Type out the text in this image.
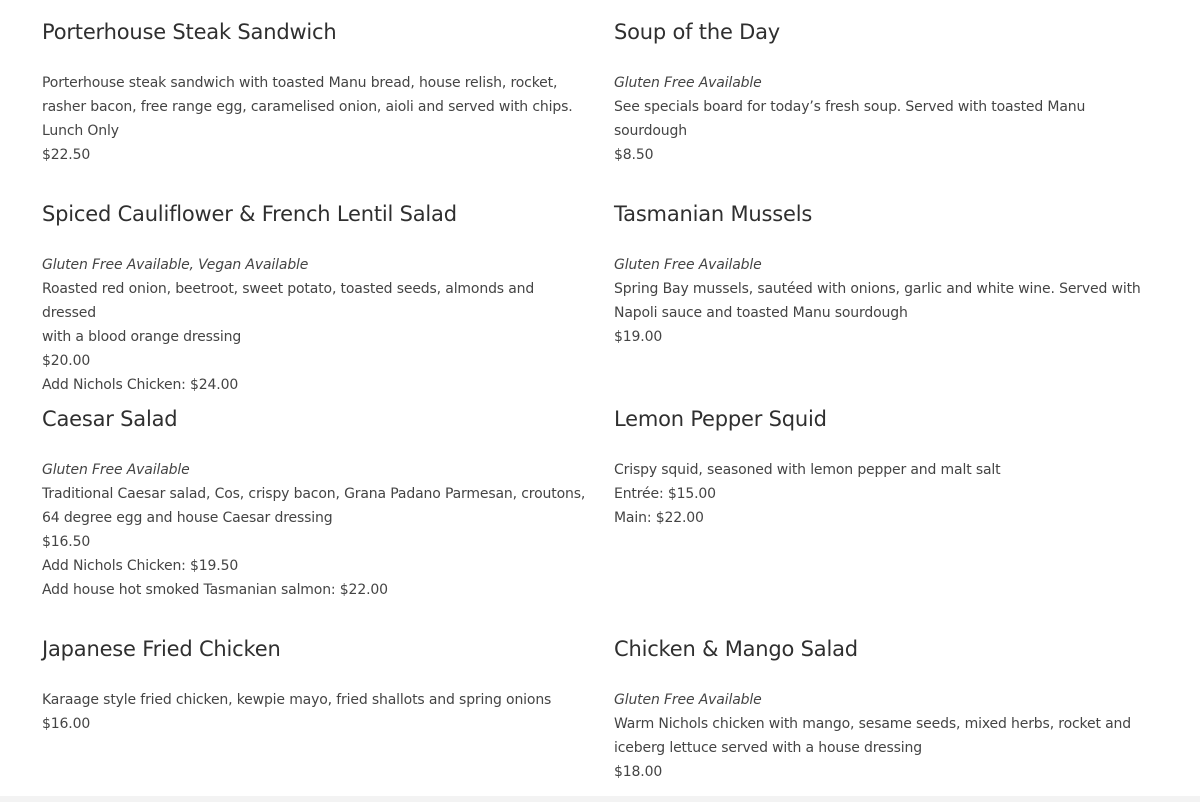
Porterhouse Steak Sandwich
Porterhouse steak sandwich with toasted Manu bread, house relish, rocket,
rasher bacon, free range egg, caramelised onion, aioli and served with chips.
Lunch Only
$22.50
Soup of the Day
Gluten Free Available
See specials board for today’s fresh soup. Served with toasted Manu sourdough
$8.50
Spiced Cauliflower & French Lentil Salad
Gluten Free Available, Vegan Available
Roasted red onion, beetroot, sweet potato, toasted seeds, almonds and dressed
with a blood orange dressing
$20.00
Add Nichols Chicken: $24.00
Tasmanian Mussels
Gluten Free Available
Spring Bay mussels, sautéed with onions, garlic and white wine. Served with
Napoli sauce and toasted Manu sourdough
$19.00
Caesar Salad
Gluten Free Available
Traditional Caesar salad, Cos, crispy bacon, Grana Padano Parmesan, croutons,
64 degree egg and house Caesar dressing
$16.50
Add Nichols Chicken: $19.50
Add house hot smoked Tasmanian salmon: $22.00
Lemon Pepper Squid
Crispy squid, seasoned with lemon pepper and malt salt
Entrée: $15.00
Main: $22.00
Japanese Fried Chicken
Karaage style fried chicken, kewpie mayo, fried shallots and spring onions
$16.00
Chicken & Mango Salad
Gluten Free Available
Warm Nichols chicken with mango, sesame seeds, mixed herbs, rocket and
iceberg lettuce served with a house dressing
$18.00
